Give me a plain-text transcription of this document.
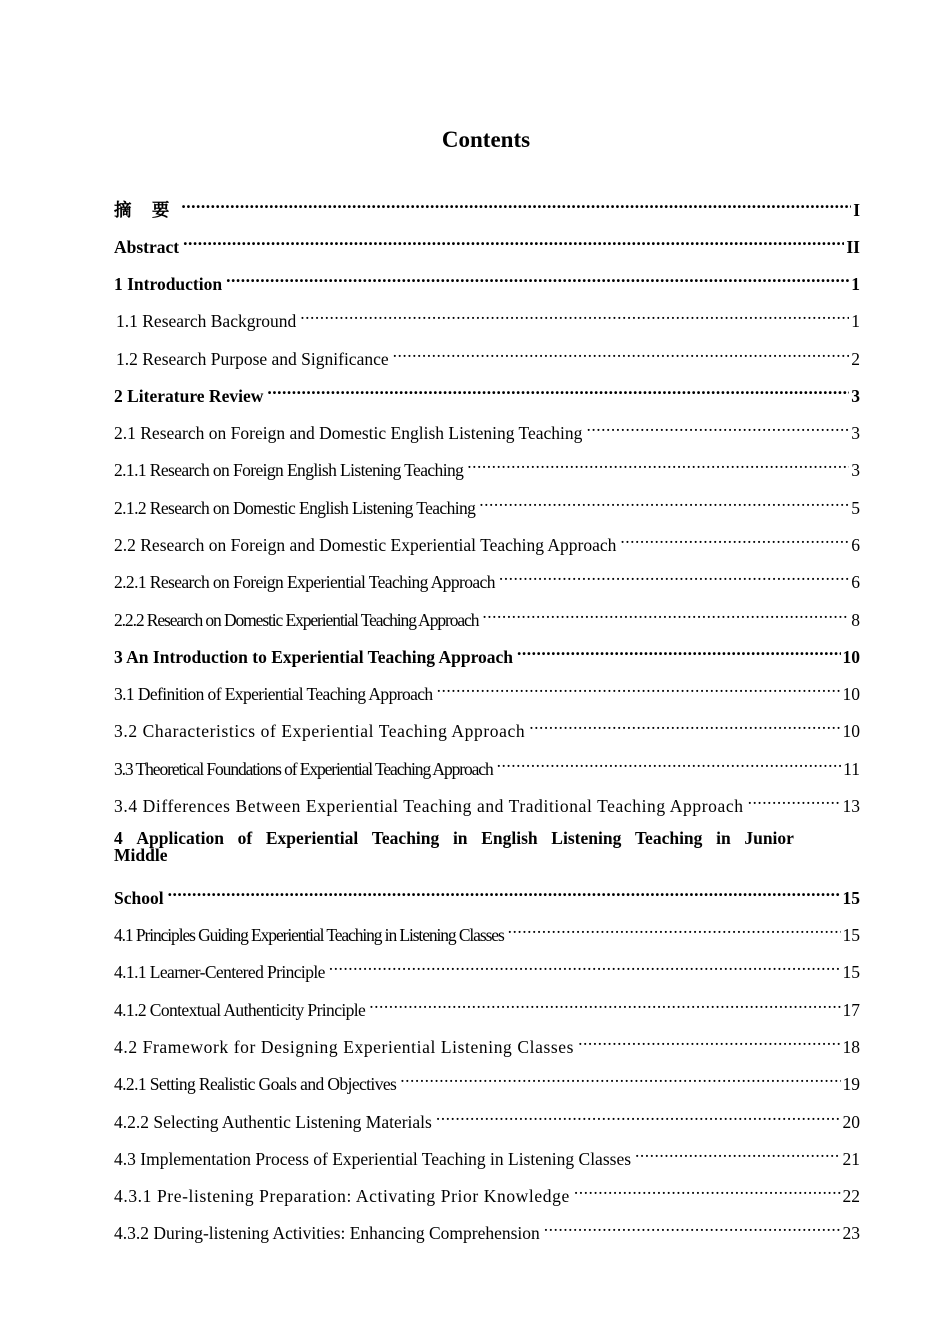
Contents
摘 要 .....	I
Abstract .....	II
1 Introduction .....	1
1.1 Research Background .....	1
1.2 Research Purpose and Significance .....	2
2 Literature Review .....	3
2.1 Research on Foreign and Domestic English Listening Teaching .....	3
2.1.1 Research on Foreign English Listening Teaching .....	3
2.1.2 Research on Domestic English Listening Teaching .....	5
2.2 Research on Foreign and Domestic Experiential Teaching Approach .....	6
2.2.1 Research on Foreign Experiential Teaching Approach .....	6
2.2.2 Research on Domestic Experiential Teaching Approach .....	8
3 An Introduction to Experiential Teaching Approach .....	10
3.1 Definition of Experiential Teaching Approach .....	10
3.2 Characteristics of Experiential Teaching Approach .....	10
3.3 Theoretical Foundations of Experiential Teaching Approach .....	11
3.4 Differences Between Experiential Teaching and Traditional Teaching Approach .....	13
4 Application of Experiential Teaching in English Listening Teaching in Junior
Middle
School .....	15
4.1 Principles Guiding Experiential Teaching in Listening Classes .....	15
4.1.1 Learner-Centered Principle .....	15
4.1.2 Contextual Authenticity Principle .....	17
4.2 Framework for Designing Experiential Listening Classes .....	18
4.2.1 Setting Realistic Goals and Objectives .....	19
4.2.2 Selecting Authentic Listening Materials .....	20
4.3 Implementation Process of Experiential Teaching in Listening Classes .....	21
4.3.1 Pre-listening Preparation: Activating Prior Knowledge .....	22
4.3.2 During-listening Activities: Enhancing Comprehension .....	23
